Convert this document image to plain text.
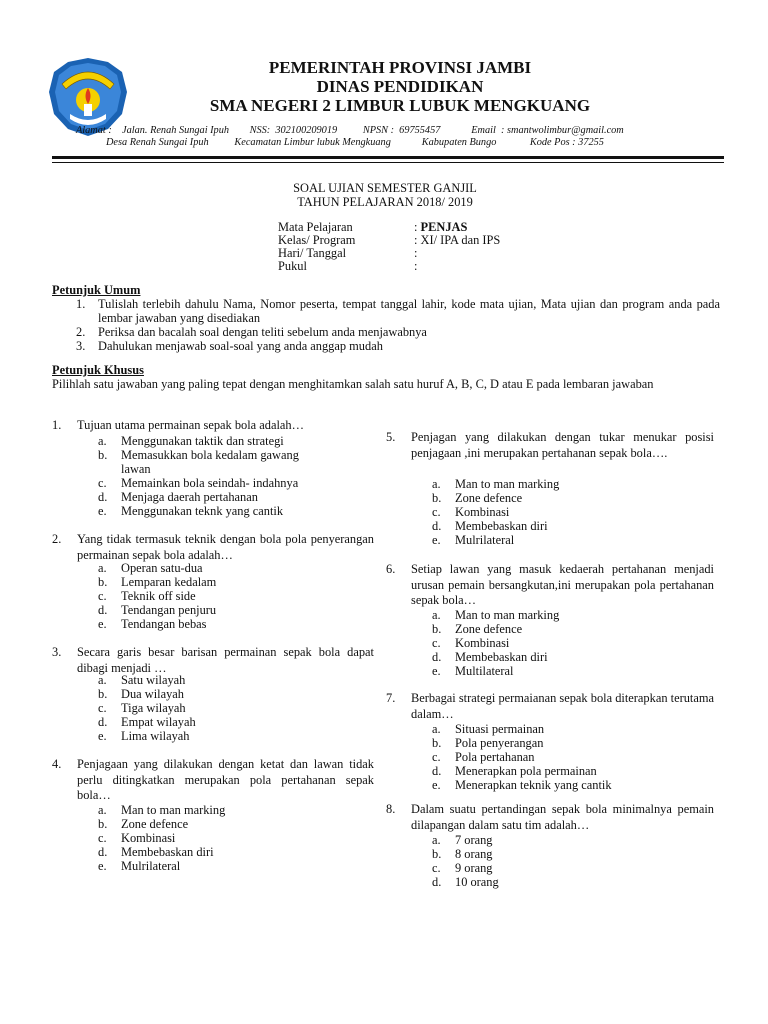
PEMERINTAH PROVINSI JAMBI
DINAS PENDIDIKAN
SMA NEGERI 2 LIMBUR LUBUK MENGKUANG
Alamat :    Jalan. Renah Sungai Ipuh        NSS:  302100209019          NPSN :  69755457            Email  : smantwolimbur@gmail.com
Desa Renah Sungai Ipuh          Kecamatan Limbur lubuk Mengkuang            Kabupaten Bungo             Kode Pos : 37255
SOAL UJIAN SEMESTER GANJIL
TAHUN PELAJARAN 2018/ 2019
Mata Pelajaran	: PENJAS
Kelas/ Program	: XI/ IPA dan IPS
Hari/ Tanggal	:
Pukul	:
Petunjuk Umum
1. Tulislah terlebih dahulu Nama, Nomor peserta, tempat tanggal lahir, kode mata ujian, Mata ujian dan program anda pada lembar jawaban yang disediakan
2. Periksa dan bacalah soal dengan teliti sebelum anda menjawabnya
3. Dahulukan menjawab soal-soal yang anda anggap mudah
Petunjuk Khusus
Pilihlah satu jawaban yang paling tepat dengan menghitamkan salah satu huruf A, B, C, D atau E pada lembaran jawaban
1. Tujuan utama permainan sepak bola adalah…
a. Menggunakan taktik dan strategi
b. Memasukkan bola kedalam gawang
lawan
c. Memainkan bola seindah- indahnya
d. Menjaga daerah pertahanan
e. Menggunakan teknk yang cantik
2. Yang tidak termasuk teknik dengan bola pola penyerangan permainan sepak bola adalah…
a. Operan satu-dua
b. Lemparan kedalam
c. Teknik off side
d. Tendangan penjuru
e. Tendangan bebas
3. Secara garis besar barisan permainan sepak bola dapat dibagi menjadi …
a. Satu wilayah
b. Dua wilayah
c. Tiga wilayah
d. Empat wilayah
e. Lima wilayah
4. Penjagaan yang dilakukan dengan ketat dan lawan tidak perlu ditingkatkan merupakan pola pertahanan sepak bola…
a. Man to man marking
b. Zone defence
c. Kombinasi
d. Membebaskan diri
e. Mulrilateral
5. Penjagan yang dilakukan dengan tukar menukar posisi penjagaan ,ini merupakan pertahanan sepak bola….
a. Man to man marking
b. Zone defence
c. Kombinasi
d. Membebaskan diri
e. Mulrilateral
6. Setiap lawan yang masuk kedaerah pertahanan menjadi urusan pemain bersangkutan,ini merupakan pola pertahanan sepak bola…
a. Man to man marking
b. Zone defence
c. Kombinasi
d. Membebaskan diri
e. Multilateral
7. Berbagai strategi permaianan sepak bola diterapkan terutama dalam…
a. Situasi permainan
b. Pola penyerangan
c. Pola pertahanan
d. Menerapkan pola permainan
e. Menerapkan teknik yang cantik
8. Dalam suatu pertandingan sepak bola minimalnya pemain dilapangan dalam satu tim adalah…
a. 7 orang
b. 8 orang
c. 9 orang
d. 10 orang
